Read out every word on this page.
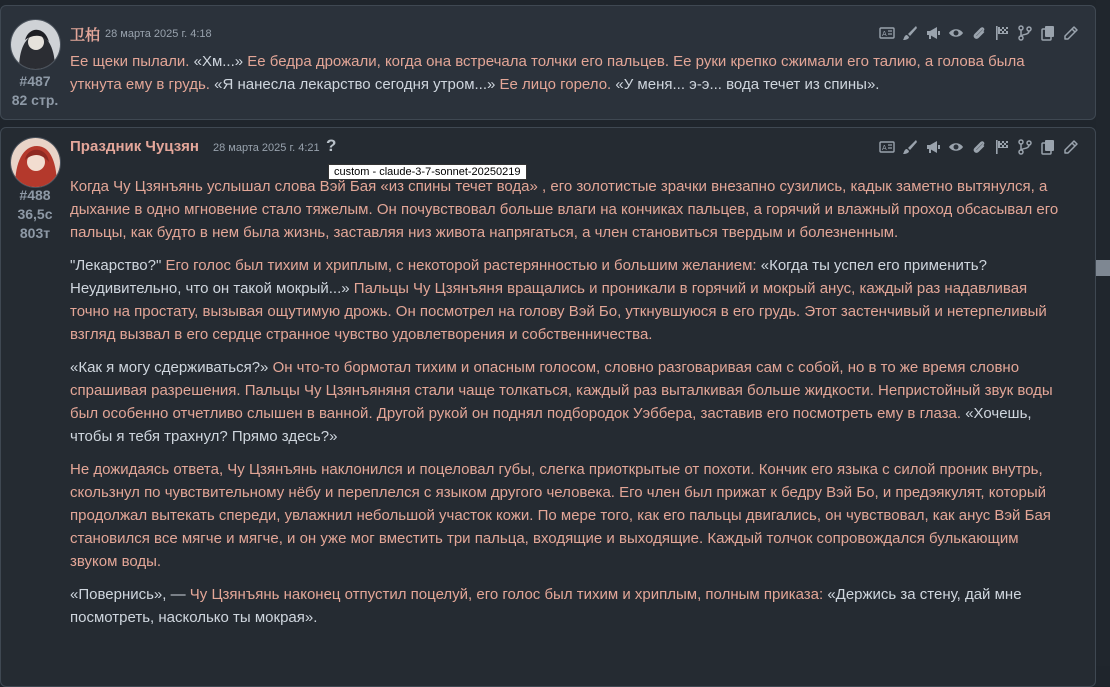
#487
82 стр.
卫柏 28 марта 2025 г. 4:18	A

Ее щеки пылали. «Хм...» Ее бедра дрожали, когда она встречала толчки его пальцев. Ее руки крепко сжимали его талию, а голова была уткнута ему в грудь. «Я нанесла лекарство сегодня утром...» Ее лицо горело. «У меня... э-э... вода течет из спины».

#488
36,5с
803т
Праздник Чуцзян 28 марта 2025 г. 4:21 ?
custom - claude-3-7-sonnet-20250219
A

Когда Чу Цзянъянь услышал слова Вэй Бая «из спины течет вода» , его золотистые зрачки внезапно сузились, кадык заметно вытянулся, а дыхание в одно мгновение стало тяжелым. Он почувствовал больше влаги на кончиках пальцев, а горячий и влажный проход обсасывал его пальцы, как будто в нем была жизнь, заставляя низ живота напрягаться, а член становиться твердым и болезненным.

"Лекарство?" Его голос был тихим и хриплым, с некоторой растерянностью и большим желанием: «Когда ты успел его применить? Неудивительно, что он такой мокрый...» Пальцы Чу Цзянъяня вращались и проникали в горячий и мокрый анус, каждый раз надавливая точно на простату, вызывая ощутимую дрожь. Он посмотрел на голову Вэй Бо, уткнувшуюся в его грудь. Этот застенчивый и нетерпеливый взгляд вызвал в его сердце странное чувство удовлетворения и собственничества.

«Как я могу сдерживаться?» Он что-то бормотал тихим и опасным голосом, словно разговаривая сам с собой, но в то же время словно спрашивая разрешения. Пальцы Чу Цзянъяняня стали чаще толкаться, каждый раз выталкивая больше жидкости. Непристойный звук воды был особенно отчетливо слышен в ванной. Другой рукой он поднял подбородок Уэббера, заставив его посмотреть ему в глаза. «Хочешь, чтобы я тебя трахнул? Прямо здесь?»

Не дожидаясь ответа, Чу Цзянъянь наклонился и поцеловал губы, слегка приоткрытые от похоти. Кончик его языка с силой проник внутрь, скользнул по чувствительному нёбу и переплелся с языком другого человека. Его член был прижат к бедру Вэй Бо, и предэякулят, который продолжал вытекать спереди, увлажнил небольшой участок кожи. По мере того, как его пальцы двигались, он чувствовал, как анус Вэй Бая становился все мягче и мягче, и он уже мог вместить три пальца, входящие и выходящие. Каждый толчок сопровождался булькающим звуком воды.

«Повернись», — Чу Цзянъянь наконец отпустил поцелуй, его голос был тихим и хриплым, полным приказа: «Держись за стену, дай мне посмотреть, насколько ты мокрая».
